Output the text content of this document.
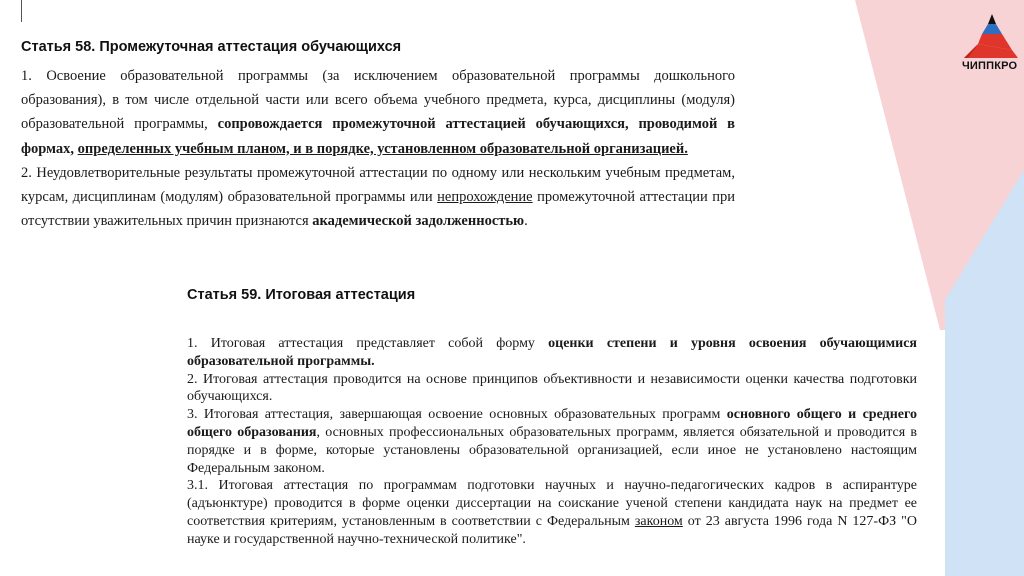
ЧИППКРО
Статья 58. Промежуточная аттестация обучающихся

1. Освоение образовательной программы (за исключением образовательной программы дошкольного образования), в том числе отдельной части или всего объема учебного предмета, курса, дисциплины (модуля) образовательной программы, сопровождается промежуточной аттестацией обучающихся, проводимой в формах, определенных учебным планом, и в порядке, установленном образовательной организацией.

2. Неудовлетворительные результаты промежуточной аттестации по одному или нескольким учебным предметам, курсам, дисциплинам (модулям) образовательной программы или непрохождение промежуточной аттестации при отсутствии уважительных причин признаются академической задолженностью.

Статья 59. Итоговая аттестация

1. Итоговая аттестация представляет собой форму оценки степени и уровня освоения обучающимися образовательной программы.

2. Итоговая аттестация проводится на основе принципов объективности и независимости оценки качества подготовки обучающихся.

3. Итоговая аттестация, завершающая освоение основных образовательных программ основного общего и среднего общего образования, основных профессиональных образовательных программ, является обязательной и проводится в порядке и в форме, которые установлены образовательной организацией, если иное не установлено настоящим Федеральным законом.

3.1. Итоговая аттестация по программам подготовки научных и научно-педагогических кадров в аспирантуре (адъюнктуре) проводится в форме оценки диссертации на соискание ученой степени кандидата наук на предмет ее соответствия критериям, установленным в соответствии с Федеральным законом от 23 августа 1996 года N 127-ФЗ "О науке и государственной научно-технической политике".
